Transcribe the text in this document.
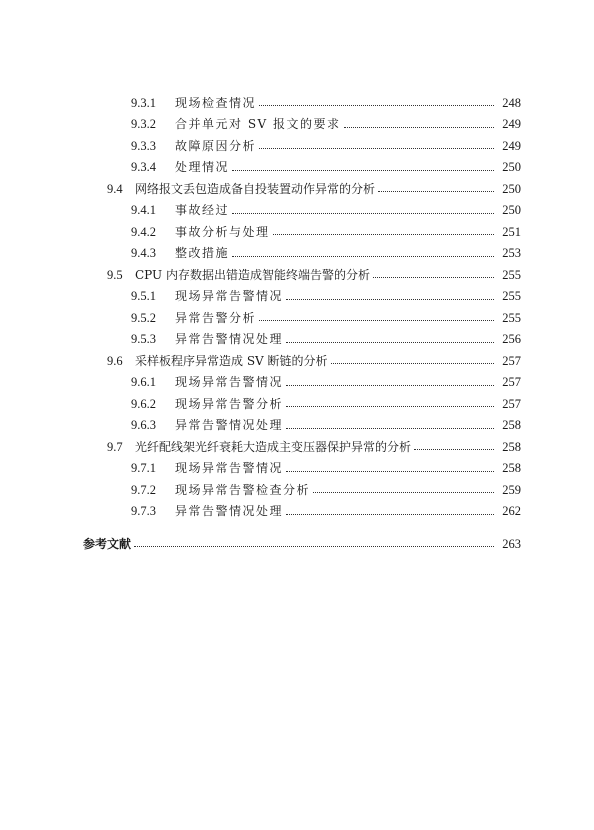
9.3.1	现场检查情况	248
9.3.2	合并单元对 SV 报文的要求	249
9.3.3	故障原因分析	249
9.3.4	处理情况	250
9.4	网络报文丢包造成备自投装置动作异常的分析	250
9.4.1	事故经过	250
9.4.2	事故分析与处理	251
9.4.3	整改措施	253
9.5	CPU 内存数据出错造成智能终端告警的分析	255
9.5.1	现场异常告警情况	255
9.5.2	异常告警分析	255
9.5.3	异常告警情况处理	256
9.6	采样板程序异常造成 SV 断链的分析	257
9.6.1	现场异常告警情况	257
9.6.2	现场异常告警分析	257
9.6.3	异常告警情况处理	258
9.7	光纤配线架光纤衰耗大造成主变压器保护异常的分析	258
9.7.1	现场异常告警情况	258
9.7.2	现场异常告警检查分析	259
9.7.3	异常告警情况处理	262
参考文献	263
